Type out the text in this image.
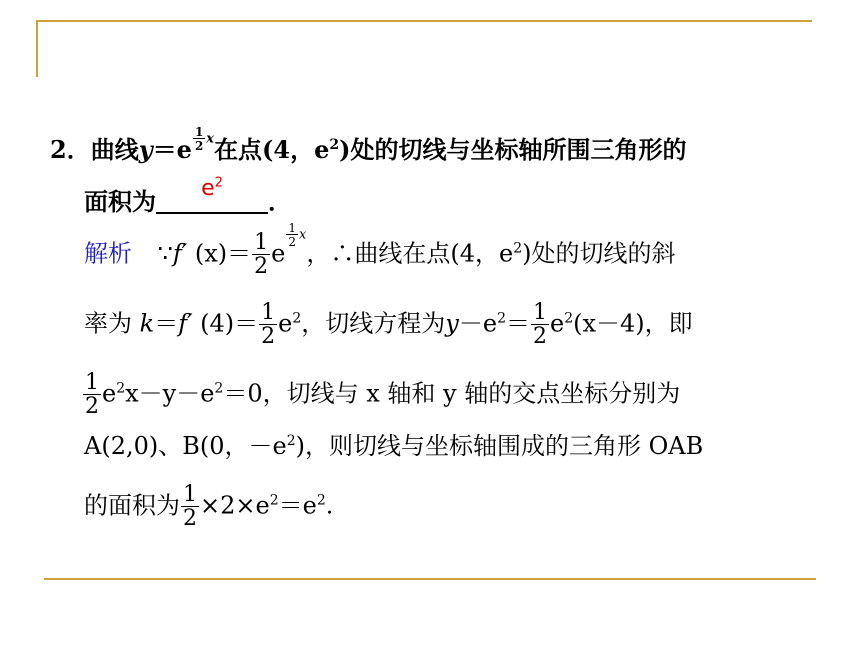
2．曲线$y=e \frac{1}{2}$ x在点(4，$e^2$)处的切线与坐标轴所围三角形的
面积为	$e^2$
．
解析 ∵f′ $(x)= \frac{1}{2}$ e
$\frac{1}{2}$ x，∴曲线在点(4，$e^2$)处的切线的斜
率为 k＝f′ $(4)= \frac{1}{2} e^2$，切线方程为$y-e^2= \frac{1}{2} e^2(x-4)$，即
$\frac{1}{2} e^2x-y-e^2=0$，切线与 x 轴和 y 轴的交点坐标分别为
A(2,0)、B(0，$-e^2$)，则切线与坐标轴围成的三角形 OAB
的面积为 $\frac{1}{2} \times 2\times e^2=e^2$.
